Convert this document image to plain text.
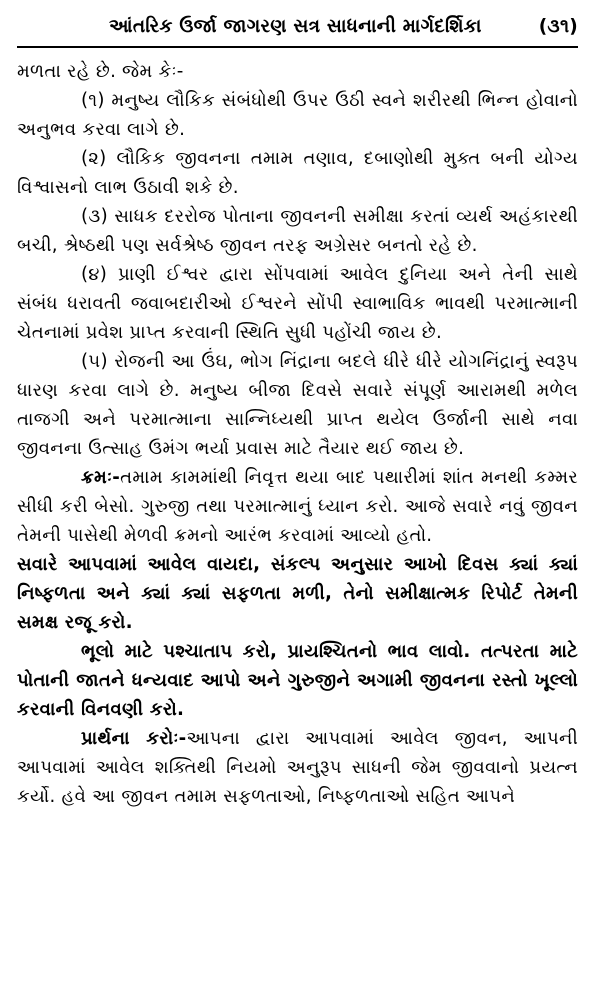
આંતરિક ઉર્જા જાગરણ સત્ર સાધનાની માર્ગદર્શિકા	(૩૧)

મળતા રહે છે. જેમ કેઃ-

(૧) મનુષ્ય લૌકિક સંબંધોથી ઉપર ઉઠી સ્વને શરીરથી ભિન્ન હોવાનો અનુભવ કરવા લાગે છે.

(૨) લૌકિક જીવનના તમામ તણાવ, દબાણોથી મુક્ત બની યોગ્ય વિશ્વાસનો લાભ ઉઠાવી શકે છે.

(૩) સાધક દરરોજ પોતાના જીવનની સમીક્ષા કરતાં વ્યર્થ અહંકારથી બચી, શ્રેષ્ઠથી પણ સર્વશ્રેષ્ઠ જીવન તરફ અગ્રેસર બનતો રહે છે.

(૪) પ્રાણી ઈશ્વર દ્વારા સોંપવામાં આવેલ દુનિયા અને તેની સાથે સંબંધ ધરાવતી જવાબદારીઓ ઈશ્વરને સોંપી સ્વાભાવિક ભાવથી પરમાત્માની ચેતનામાં પ્રવેશ પ્રાપ્ત કરવાની સ્થિતિ સુધી પહોંચી જાય છે.

(૫) રોજની આ ઉંઘ, ભોગ નિંદ્રાના બદલે ધીરે ધીરે યોગનિંદ્રાનું સ્વરૂપ ધારણ કરવા લાગે છે. મનુષ્ય બીજા દિવસે સવારે સંપૂર્ણ આરામથી મળેલ તાજગી અને પરમાત્માના સાન્નિધ્યથી પ્રાપ્ત થયેલ ઉર્જાની સાથે નવા જીવનના ઉત્સાહ ઉમંગ ભર્યા પ્રવાસ માટે તૈયાર થઈ જાય છે.

ક્રમઃ-તમામ કામમાંથી નિવૃત્ત થયા બાદ પથારીમાં શાંત મનથી કમ્મર સીધી કરી બેસો. ગુરુજી તથા પરમાત્માનું ધ્યાન કરો. આજે સવારે નવું જીવન તેમની પાસેથી મેળવી ક્રમનો આરંભ કરવામાં આવ્યો હતો.

સવારે આપવામાં આવેલ વાયદા, સંકલ્પ અનુસાર આખો દિવસ ક્યાં ક્યાં નિષ્ફળતા અને ક્યાં ક્યાં સફળતા મળી, તેનો સમીક્ષાત્મક રિપોર્ટ તેમની સમક્ષ રજૂ કરો.

ભૂલો માટે પશ્ચાતાપ કરો, પ્રાયશ્ચિતનો ભાવ લાવો. તત્પરતા માટે પોતાની જાતને ધન્યવાદ આપો અને ગુરુજીને અગામી જીવનના રસ્તો ખૂલ્લો કરવાની વિનવણી કરો.

પ્રાર્થના કરોઃ-આપના દ્વારા આપવામાં આવેલ જીવન, આપની આપવામાં આવેલ શક્તિથી નિયમો અનુરૂપ સાધની જેમ જીવવાનો પ્રયત્ન કર્યો. હવે આ જીવન તમામ સફળતાઓ, નિષ્ફળતાઓ સહિત આપને
